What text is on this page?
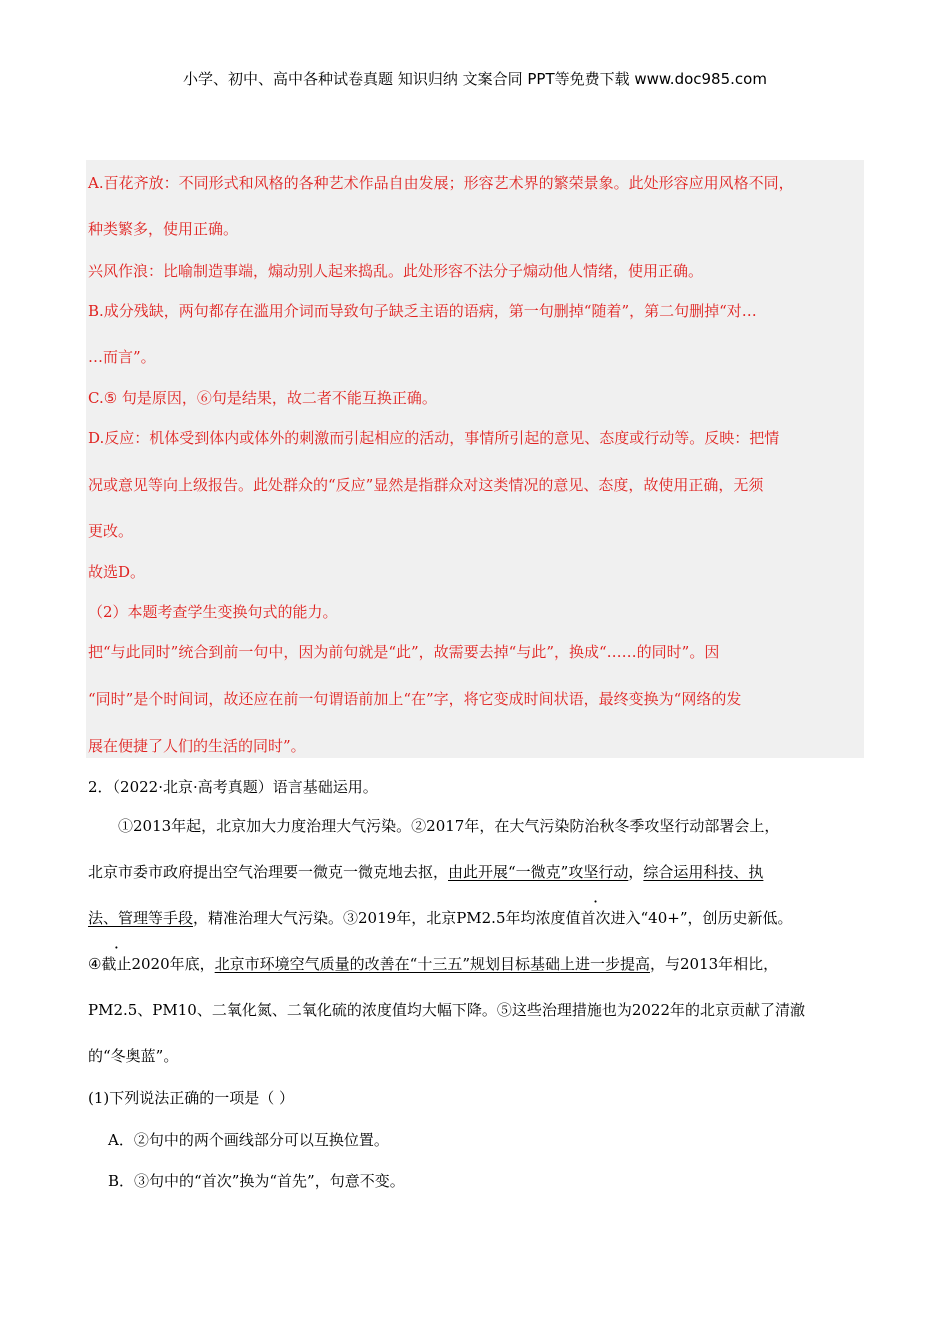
小学、初中、高中各种试卷真题 知识归纳 文案合同 PPT等免费下载 www.doc985.com
A.百花齐放：不同形式和风格的各种艺术作品自由发展；形容艺术界的繁荣景象。此处形容应用风格不同，
种类繁多，使用正确。
兴风作浪：比喻制造事端，煽动别人起来捣乱。此处形容不法分子煽动他人情绪，使用正确。
B.成分残缺，两句都存在滥用介词而导致句子缺乏主语的语病，第一句删掉“随着”，第二句删掉“对…
…而言”。
C.⑤ 句是原因，⑥句是结果，故二者不能互换正确。
D.反应：机体受到体内或体外的刺激而引起相应的活动，事情所引起的意见、态度或行动等。反映：把情
况或意见等向上级报告。此处群众的“反应”显然是指群众对这类情况的意见、态度，故使用正确，无须
更改。
故选D。
（2）本题考查学生变换句式的能力。
把“与此同时”统合到前一句中，因为前句就是“此”，故需要去掉“与此”，换成“……的同时”。因
“同时”是个时间词，故还应在前一句谓语前加上“在”字，将它变成时间状语，最终变换为“网络的发
展在便捷了人们的生活的同时”。
2．（2022·北京·高考真题）语言基础运用。
①2013年起，北京加大力度治理大气污染。②2017年，在大气污染防治秋冬季攻坚行动部署会上，
北京市委市政府提出空气治理要一微克一微克地去抠，由此开展“一微克”攻坚行动，综合运用科技、执
法、管理等手段，精准治理大气污染。③2019年，北京PM2.5年均浓度值首次进入“40+”，创历史新低。
④截止2020年底，北京市环境空气质量的改善在“十三五”规划目标基础上进一步提高，与2013年相比，
PM2.5、PM10、二氧化氮、二氧化硫的浓度值均大幅下降。⑤这些治理措施也为2022年的北京贡献了清澈
的“冬奥蓝”。
(1)下列说法正确的一项是（ ）
A．②句中的两个画线部分可以互换位置。
B．③句中的“首次”换为“首先”，句意不变。
